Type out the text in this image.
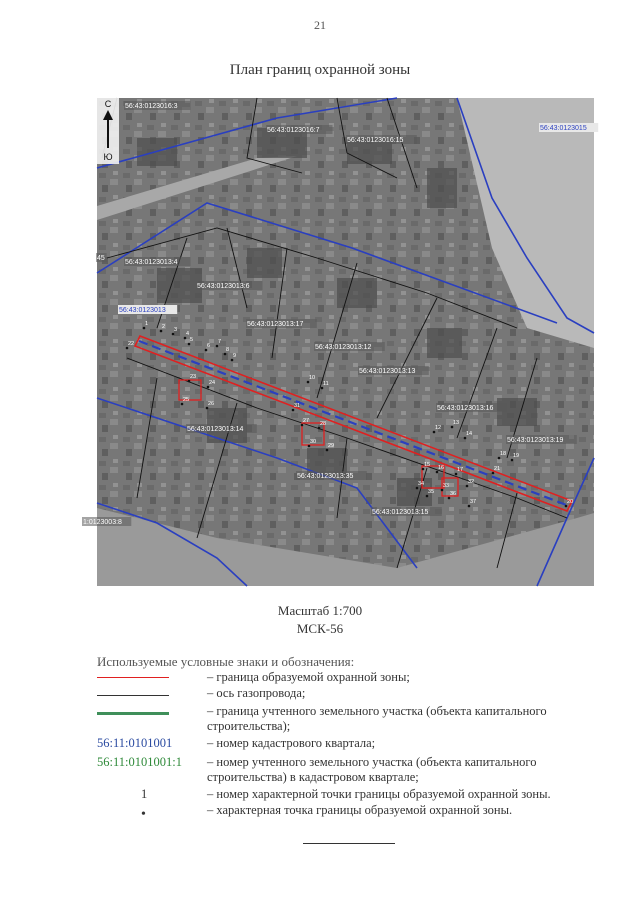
21
План границ охранной зоны
56:43:0123016:3
56:43:0123016:7
56:43:0123016:15
56:43:0123013:4
56:43:0123013:6
56:43:0123013:17
56:43:0123013:12
56:43:0123013:13
56:43:0123013:16
56:43:0123013:19
56:43:0123013:14
56:43:0123013:35
56:43:0123013:15
1:0123003:8
45
56:43:0123013
56:43:0123015
1	2 3
4
5
6
7
8
9
10
11
12
13
14
15 16 17
18 19
20
21
22
23
24
25
26
27 28
29
30
31
32
33
34
35	36
37
С
Ю
Масштаб 1:700
МСК-56
Используемые условные знаки и обозначения:
– граница образуемой охранной зоны;
– ось газопровода;
– граница учтенного земельного участка (объекта капитального строительства);
56:11:0101001	– номер кадастрового квартала;
56:11:0101001:1 – номер учтенного земельного участка (объекта капитального строительства) в кадастровом квартале;
1	– номер характерной точки границы образуемой охранной зоны.
•	– характерная точка границы образуемой охранной зоны.
